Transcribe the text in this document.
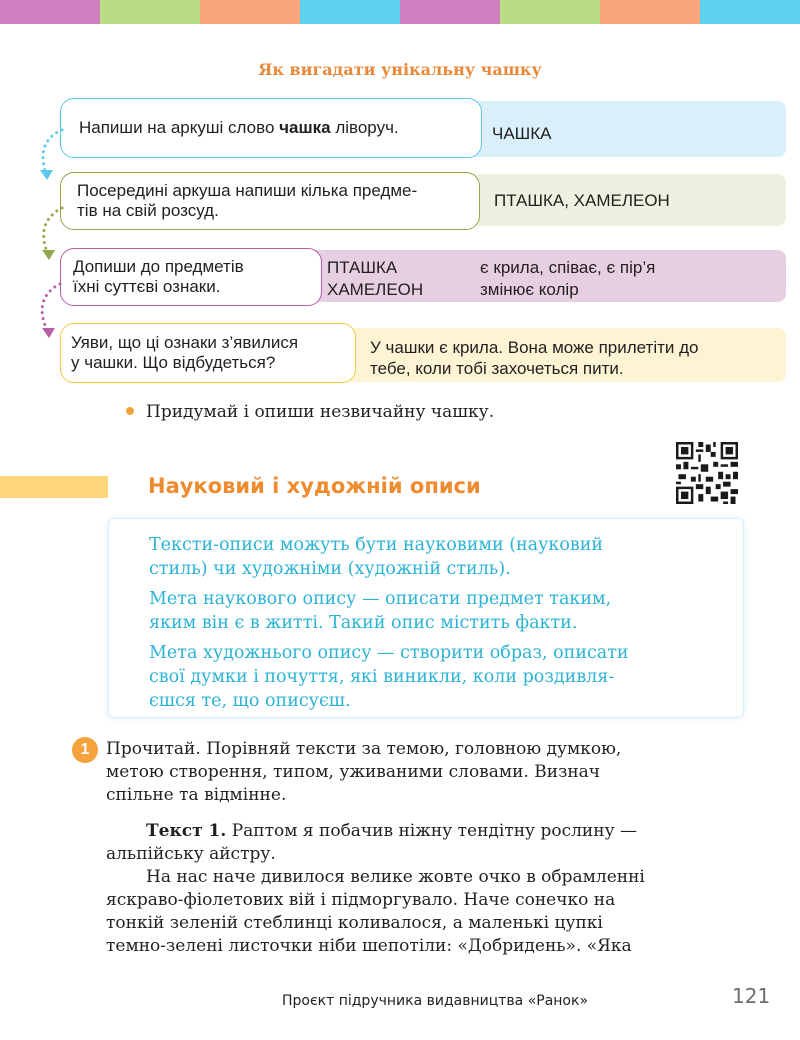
Як вигадати унікальну чашку
ЧАШКА
Напиши на аркуші слово чашка ліворуч.
ПТАШКА, ХАМЕЛЕОН
Посередині аркуша напиши кілька предме-
тів на свій розсуд.
ПТАШКА	є крила, співає, є пір’я
ХАМЕЛЕОН	змінює колір
Допиши до предметів
їхні суттєві ознаки.
У чашки є крила. Вона може прилетіти до
тебе, коли тобі захочеться пити.
Уяви, що ці ознаки з’явилися
у чашки. Що відбудеться?
Придумай і опиши незвичайну чашку.
Науковий і художній описи

Тексти-описи можуть бути науковими (науковий
стиль) чи художніми (художній стиль).

Мета наукового опису — описати предмет таким,
яким він є в житті. Такий опис містить факти.

Мета художнього опису — створити образ, описати
свої думки і почуття, які виникли, коли роздивля-
єшся те, що описуєш.

1 Прочитай. Порівняй тексти за темою, головною думкою,
метою створення, типом, уживаними словами. Визнач
спільне та відмінне.
Текст 1. Раптом я побачив ніжну тендітну рослину —
альпійську айстру.
На нас наче дивилося велике жовте очко в обрамленні
яскраво-фіолетових вій і підморгувало. Наче сонечко на
тонкій зеленій стеблинці коливалося, а маленькі цупкі
темно-зелені листочки ніби шепотіли: «Добридень». «Яка
Проєкт підручника видавництва «Ранок»	121
